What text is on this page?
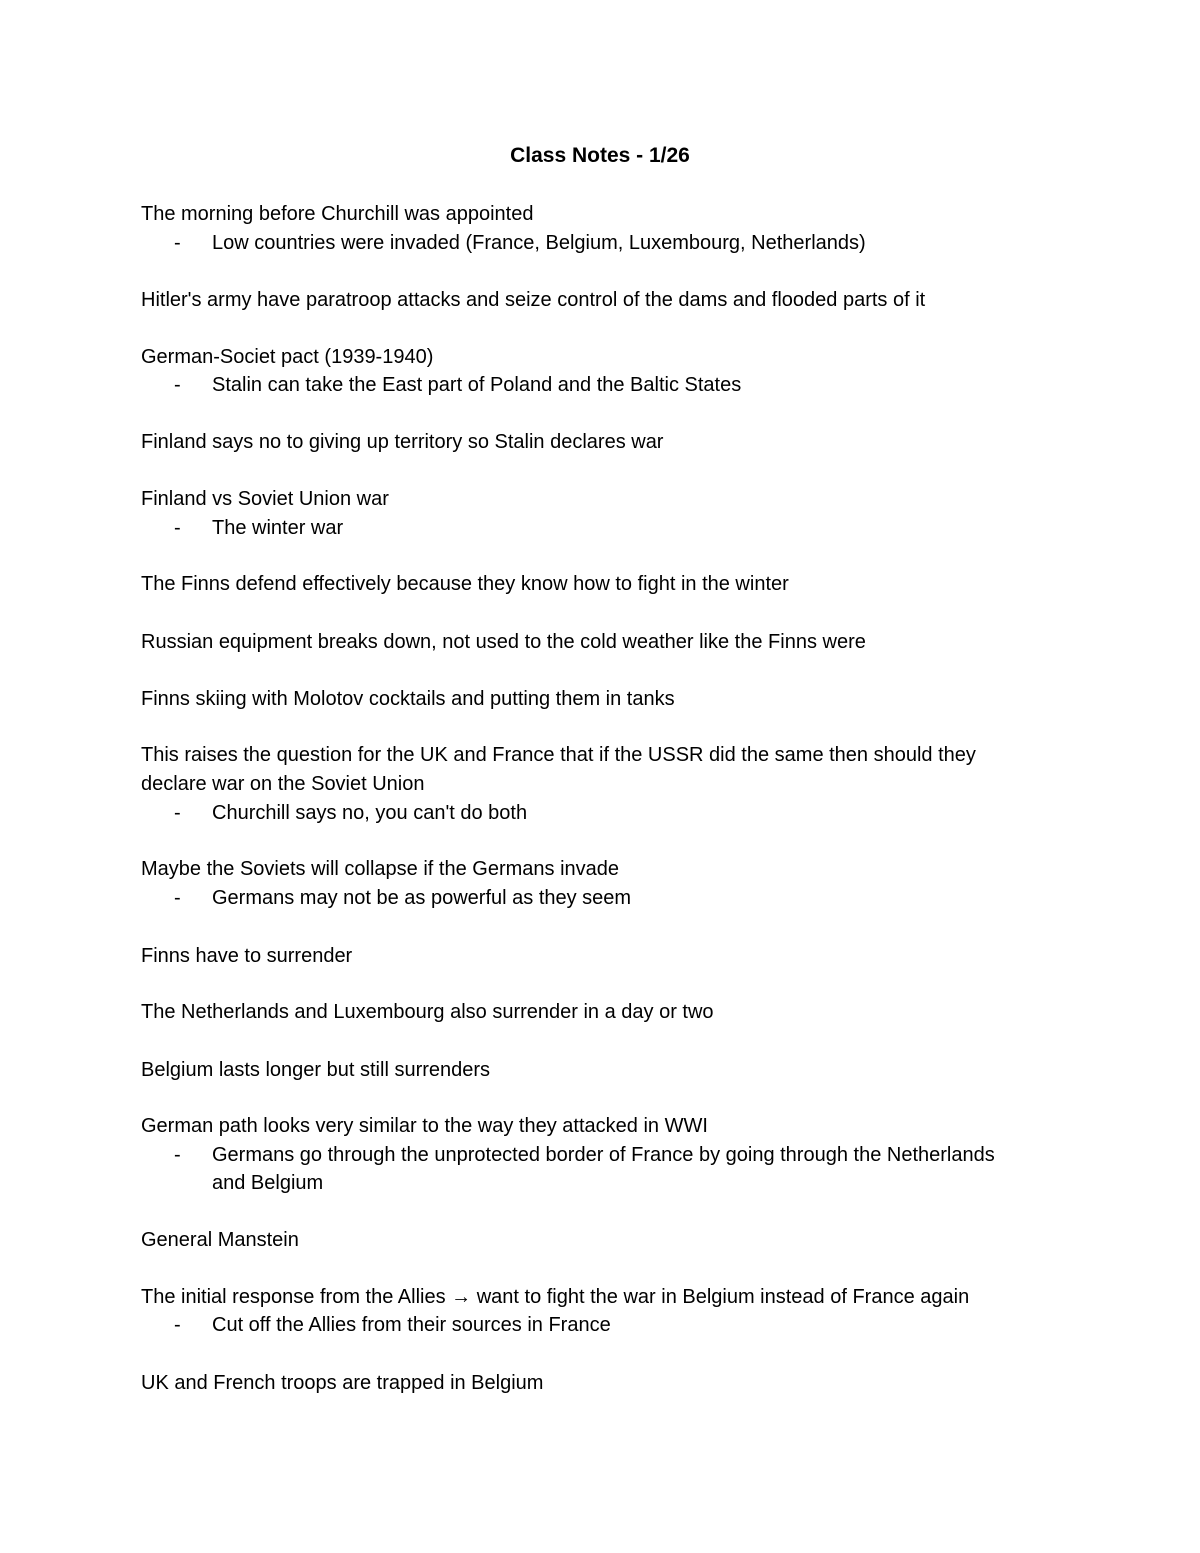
Class Notes - 1/26

The morning before Churchill was appointed

- Low countries were invaded (France, Belgium, Luxembourg, Netherlands)

Hitler's army have paratroop attacks and seize control of the dams and flooded parts of it

German-Societ pact (1939-1940)

- Stalin can take the East part of Poland and the Baltic States

Finland says no to giving up territory so Stalin declares war

Finland vs Soviet Union war

- The winter war

The Finns defend effectively because they know how to fight in the winter

Russian equipment breaks down, not used to the cold weather like the Finns were

Finns skiing with Molotov cocktails and putting them in tanks

This raises the question for the UK and France that if the USSR did the same then should they

declare war on the Soviet Union

- Churchill says no, you can't do both

Maybe the Soviets will collapse if the Germans invade

- Germans may not be as powerful as they seem

Finns have to surrender

The Netherlands and Luxembourg also surrender in a day or two

Belgium lasts longer but still surrenders

German path looks very similar to the way they attacked in WWI

- Germans go through the unprotected border of France by going through the Netherlands

and Belgium

General Manstein

The initial response from the Allies → want to fight the war in Belgium instead of France again

- Cut off the Allies from their sources in France

UK and French troops are trapped in Belgium
